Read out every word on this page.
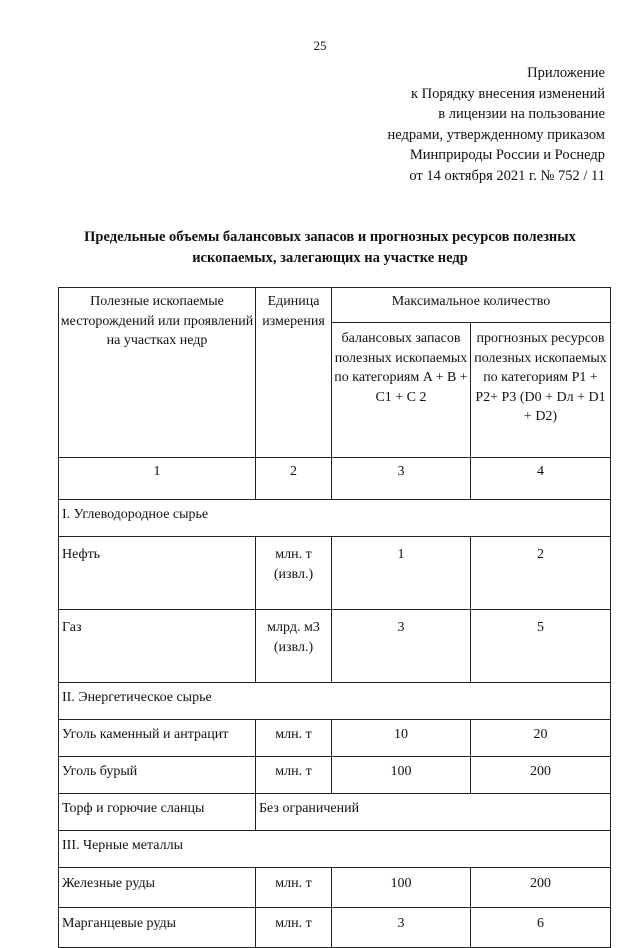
25
Приложение
к Порядку внесения изменений
в лицензии на пользование
недрами, утвержденному приказом
Минприроды России и Роснедр
от 14 октября 2021 г. № 752 / 11
Предельные объемы балансовых запасов и прогнозных ресурсов полезных
ископаемых, залегающих на участке недр
Полезные ископаемые месторождений или проявлений на участках недр	Единица измерения	Максимальное количество	
		балансовых запасов полезных ископаемых по категориям A + B + C1 + C 2	прогнозных ресурсов полезных ископаемых по категориям P1 + P2+ P3 (D0 + Dл + D1 + D2)
1	2	3	4
I. Углеводородное сырье			
Нефть	млн. т (извл.)	1	2
Газ	млрд. м3 (извл.)	3	5
II. Энергетическое сырье			
Уголь каменный и антрацит	млн. т	10	20
Уголь бурый	млн. т	100	200
Торф и горючие сланцы	Без ограничений		
III. Черные металлы			
Железные руды	млн. т	100	200
Марганцевые руды	млн. т	3	6
